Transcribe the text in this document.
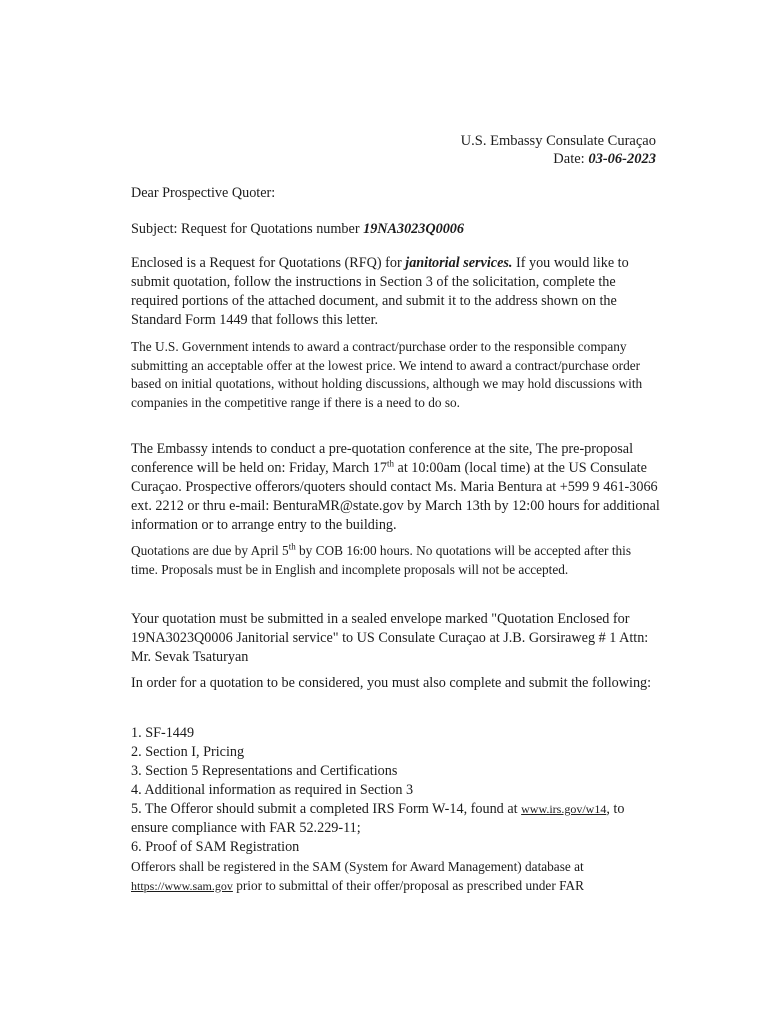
U.S. Embassy Consulate Curaçao
Date: 03-06-2023

Dear Prospective Quoter:

Subject: Request for Quotations number 19NA3023Q0006

Enclosed is a Request for Quotations (RFQ) for janitorial services. If you would like to submit quotation, follow the instructions in Section 3 of the solicitation, complete the required portions of the attached document, and submit it to the address shown on the Standard Form 1449 that follows this letter.

The U.S. Government intends to award a contract/purchase order to the responsible company submitting an acceptable offer at the lowest price. We intend to award a contract/purchase order based on initial quotations, without holding discussions, although we may hold discussions with companies in the competitive range if there is a need to do so.

The Embassy intends to conduct a pre-quotation conference at the site, The pre-proposal conference will be held on: Friday, March 17th at 10:00am (local time) at the US Consulate Curaçao. Prospective offerors/quoters should contact Ms. Maria Bentura at +599 9 461-3066 ext. 2212 or thru e-mail: BenturaMR@state.gov by March 13th by 12:00 hours for additional information or to arrange entry to the building.

Quotations are due by April 5th by COB 16:00 hours. No quotations will be accepted after this time. Proposals must be in English and incomplete proposals will not be accepted.

Your quotation must be submitted in a sealed envelope marked "Quotation Enclosed for 19NA3023Q0006 Janitorial service" to US Consulate Curaçao at J.B. Gorsiraweg # 1 Attn: Mr. Sevak Tsaturyan

In order for a quotation to be considered, you must also complete and submit the following:

1. SF-1449
2. Section I, Pricing
3. Section 5 Representations and Certifications
4. Additional information as required in Section 3
5. The Offeror should submit a completed IRS Form W-14, found at www.irs.gov/w14, to ensure compliance with FAR 52.229-11;
6. Proof of SAM Registration

Offerors shall be registered in the SAM (System for Award Management) database at https://www.sam.gov prior to submittal of their offer/proposal as prescribed under FAR
